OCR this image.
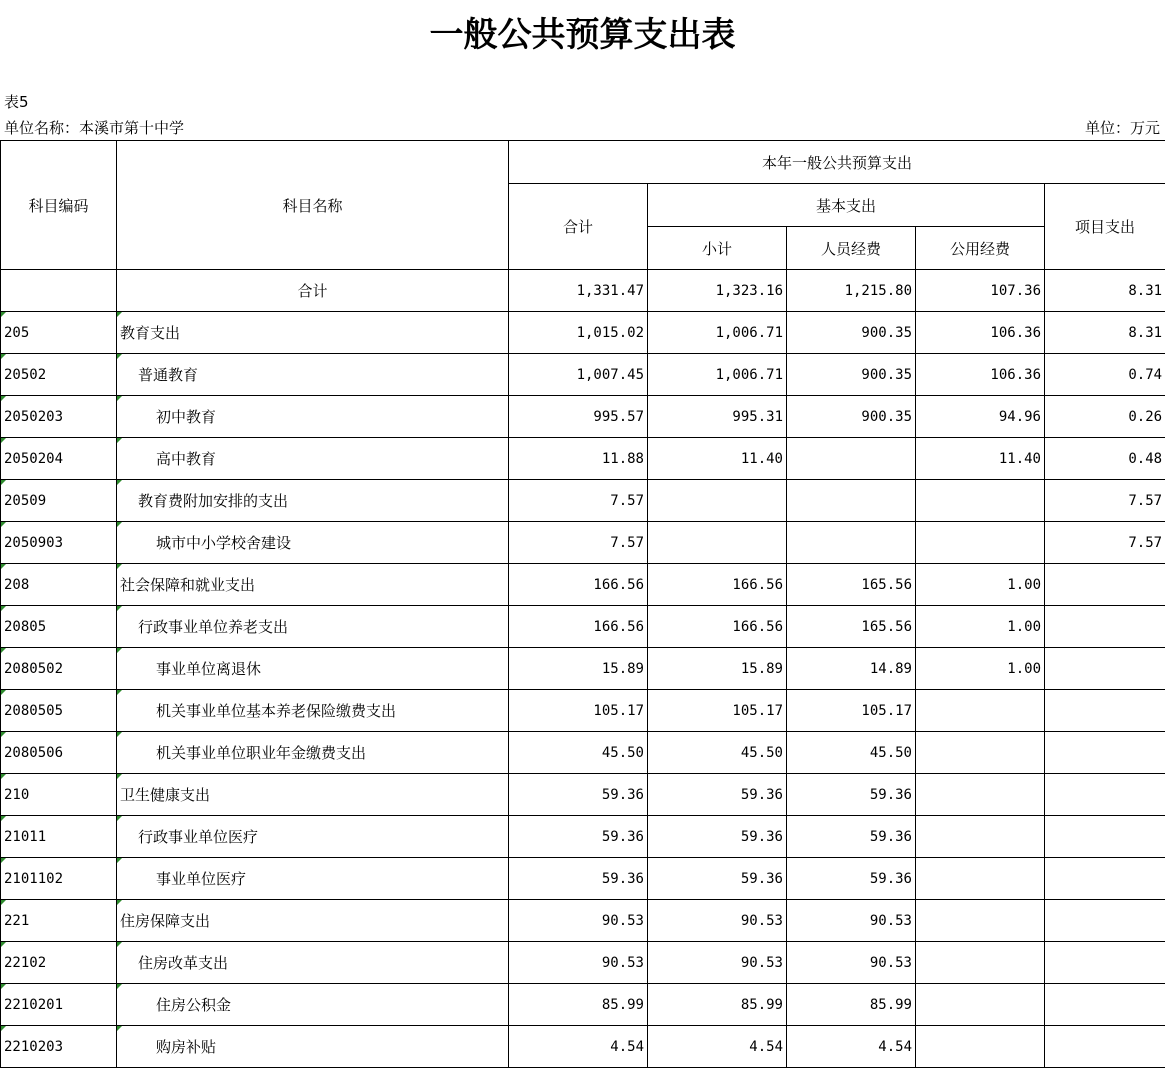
一般公共预算支出表
表5
单位名称：本溪市第十中学	单位：万元
科目编码	科目名称	本年一般公共预算支出				
		合计	基本支出			项目支出
			小计	人员经费	公用经费	
	合计	1,331.47	1,323.16	1,215.80	107.36	8.31
205	教育支出	1,015.02	1,006.71	900.35	106.36	8.31
20502	普通教育	1,007.45	1,006.71	900.35	106.36	0.74
2050203	初中教育	995.57	995.31	900.35	94.96	0.26
2050204	高中教育	11.88	11.40		11.40	0.48
20509	教育费附加安排的支出	7.57				7.57
2050903	城市中小学校舍建设	7.57				7.57
208	社会保障和就业支出	166.56	166.56	165.56	1.00	
20805	行政事业单位养老支出	166.56	166.56	165.56	1.00	
2080502	事业单位离退休	15.89	15.89	14.89	1.00	
2080505	机关事业单位基本养老保险缴费支出	105.17	105.17	105.17		
2080506	机关事业单位职业年金缴费支出	45.50	45.50	45.50		
210	卫生健康支出	59.36	59.36	59.36		
21011	行政事业单位医疗	59.36	59.36	59.36		
2101102	事业单位医疗	59.36	59.36	59.36		
221	住房保障支出	90.53	90.53	90.53		
22102	住房改革支出	90.53	90.53	90.53		
2210201	住房公积金	85.99	85.99	85.99		
2210203	购房补贴	4.54	4.54	4.54		
